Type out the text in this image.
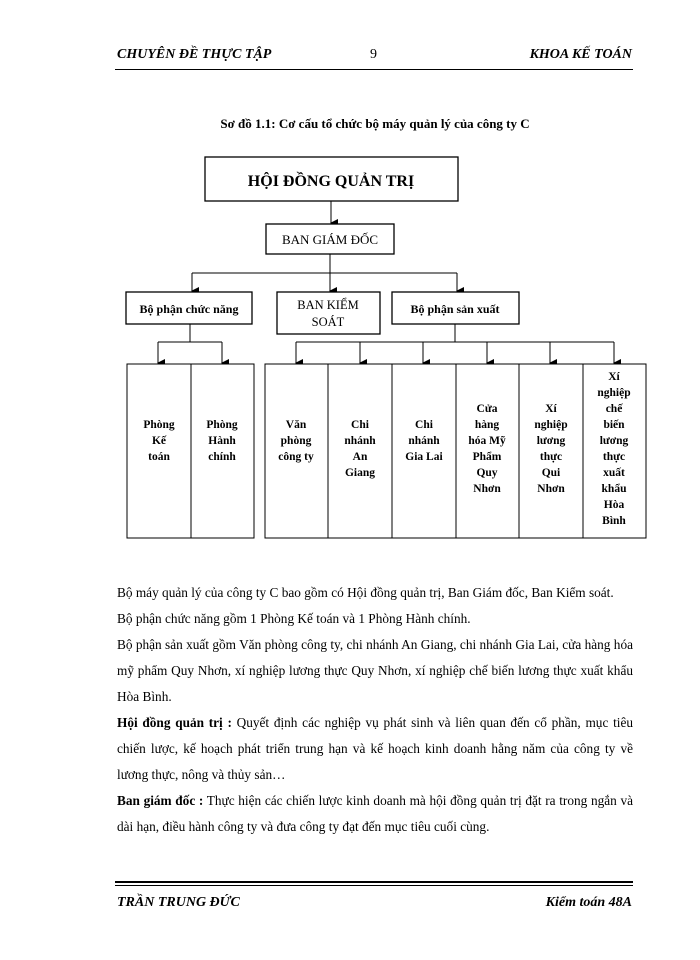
CHUYÊN ĐỀ THỰC TẬP	9	KHOA KẾ TOÁN
Sơ đồ 1.1: Cơ cấu tổ chức bộ máy quản lý của công ty C
HỘI ĐỒNG QUẢN TRỊ
BAN GIÁM ĐỐC
Bộ phận chức năng	BAN KIỂM
SOÁT
Bộ phận sản xuất
Phòng
Kế
toán
Phòng
Hành
chính
Văn
phòng
công ty
Chi
nhánh
An
Giang
Chi
nhánh
Gia Lai
Cửa
hàng
hóa Mỹ
Phẩm
Quy
Nhơn
Xí
nghiệp
lương
thực
Qui
Nhơn
Xí
nghiệp
chế
biến
lương
thực
xuất
khẩu
Hòa
Bình

Bộ máy quản lý của công ty C bao gồm có Hội đồng quản trị, Ban Giám đốc, Ban Kiểm soát.

Bộ phận chức năng gồm 1 Phòng Kế toán và 1 Phòng Hành chính.

Bộ phận sản xuất gồm Văn phòng công ty, chi nhánh An Giang, chi nhánh Gia Lai, cửa hàng hóa mỹ phẩm Quy Nhơn, xí nghiệp lương thực Quy Nhơn, xí nghiệp chế biến lương thực xuất khẩu Hòa Bình.

Hội đồng quản trị : Quyết định các nghiệp vụ phát sinh và liên quan đến cổ phần, mục tiêu chiến lược, kế hoạch phát triển trung hạn và kế hoạch kinh doanh hằng năm của công ty về lương thực, nông và thủy sản…

Ban giám đốc : Thực hiện các chiến lược kinh doanh mà hội đồng quản trị đặt ra trong ngắn và dài hạn, điều hành công ty và đưa công ty đạt đến mục tiêu cuối cùng.

TRẦN TRUNG ĐỨC	Kiểm toán 48A
